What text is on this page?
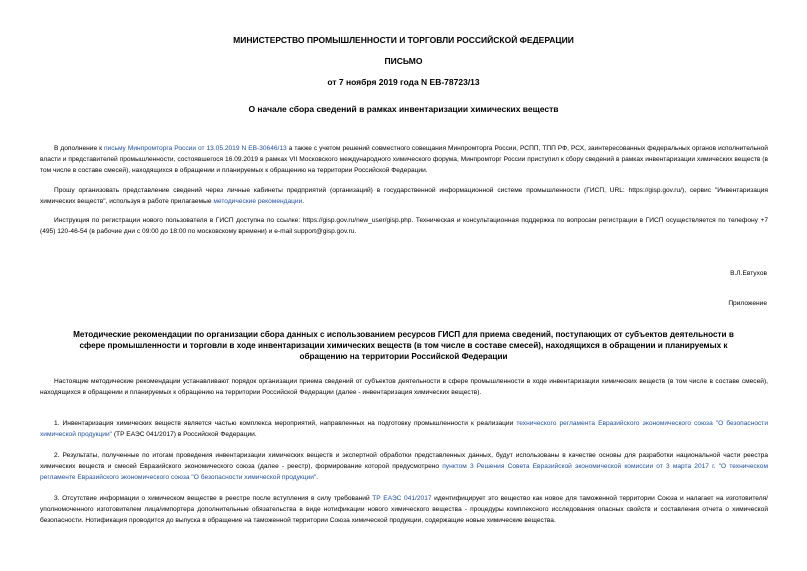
МИНИСТЕРСТВО ПРОМЫШЛЕННОСТИ И ТОРГОВЛИ РОССИЙСКОЙ ФЕДЕРАЦИИ

ПИСЬМО

от 7 ноября 2019 года N ЕВ-78723/13

О начале сбора сведений в рамках инвентаризации химических веществ

В дополнение к письму Минпромторга России от 13.05.2019 N ЕВ-30646/13 а также с учетом решений совместного совещания Минпромторга России, РСПП, ТПП РФ, РСХ, заинтересованных федеральных органов исполнительной власти и представителей промышленности, состоявшегося 16.09.2019 в рамках VII Московского международного химического форума, Минпромторг России приступил к сбору сведений в рамках инвентаризации химических веществ (в том числе в составе смесей), находящихся в обращении и планируемых к обращению на территории Российской Федерации.

Прошу организовать представление сведений через личные кабинеты предприятий (организаций) в государственной информационной системе промышленности (ГИСП, URL: https://gisp.gov.ru/), сервис "Инвентаризация химических веществ", используя в работе прилагаемые методические рекомендации.

Инструкция по регистрации нового пользователя в ГИСП доступна по ссылке: https://gisp.gov.ru/new_user/gisp.php. Техническая и консультационная поддержка по вопросам регистрации в ГИСП осуществляется по телефону +7 (495) 120-46-54 (в рабочие дни с 09:00 до 18:00 по московскому времени) и e-mail support@gisp.gov.ru.

В.Л.Евтухов

Приложение

Методические рекомендации по организации сбора данных с использованием ресурсов ГИСП для приема сведений, поступающих от субъектов деятельности в сфере промышленности и торговли в ходе инвентаризации химических веществ (в том числе в составе смесей), находящихся в обращении и планируемых к обращению на территории Российской Федерации

Настоящие методические рекомендации устанавливают порядок организации приема сведений от субъектов деятельности в сфере промышленности в ходе инвентаризации химических веществ (в том числе в составе смесей), находящихся в обращении и планируемых к обращению на территории Российской Федерации (далее - инвентаризация химических веществ).

1. Инвентаризация химических веществ является частью комплекса мероприятий, направленных на подготовку промышленности к реализации технического регламента Евразийского экономического союза "О безопасности химической продукции" (ТР ЕАЭС 041/2017) в Российской Федерации.

2. Результаты, полученные по итогам проведения инвентаризации химических веществ и экспертной обработки представленных данных, будут использованы в качестве основы для разработки национальной части реестра химических веществ и смесей Евразийского экономического союза (далее - реестр), формирование которой предусмотрено пунктом 3 Решения Совета Евразийской экономической комиссии от 3 марта 2017 г. "О техническом регламенте Евразийского экономического союза "О безопасности химической продукции".

3. Отсутствие информации о химическом веществе в реестре после вступления в силу требований ТР ЕАЭС 041/2017 идентифицирует это вещество как новое для таможенной территории Союза и налагает на изготовителя/уполномоченного изготовителем лица/импортера дополнительные обязательства в виде нотификации нового химического вещества - процедуры комплексного исследования опасных свойств и составления отчета о химической безопасности. Нотификация проводится до выпуска в обращение на таможенной территории Союза химической продукции, содержащие новые химические вещества.
